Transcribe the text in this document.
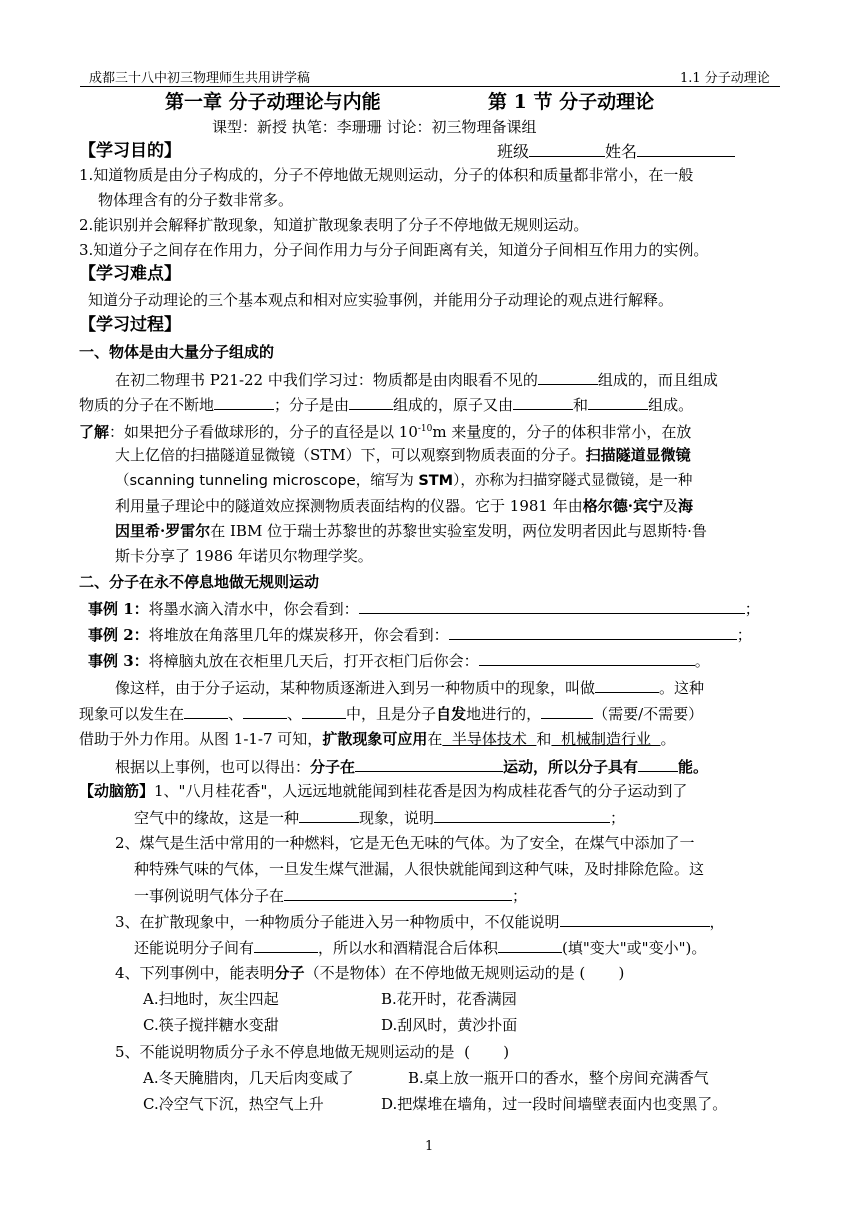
成都三十八中初三物理师生共用讲学稿	1.1 分子动理论
第一章 分子动理论与内能	第 1 节 分子动理论
课型：新授 执笔：李珊珊 讨论：初三物理备课组
【学习目的】	班级	姓名
1.知道物质是由分子构成的，分子不停地做无规则运动，分子的体积和质量都非常小，在一般
物体理含有的分子数非常多。
2.能识别并会解释扩散现象，知道扩散现象表明了分子不停地做无规则运动。
3.知道分子之间存在作用力，分子间作用力与分子间距离有关，知道分子间相互作用力的实例。
【学习难点】
知道分子动理论的三个基本观点和相对应实验事例，并能用分子动理论的观点进行解释。
【学习过程】
一、物体是由大量分子组成的
在初二物理书 P21-22 中我们学习过：物质都是由肉眼看不见的	组成的，而且组成
物质的分子在不断地	；分子是由	组成的，原子又由	和	组成。
了解：如果把分子看做球形的，分子的直径是以 $10^{-10}m$ 来量度的，分子的体积非常小，在放
大上亿倍的扫描隧道显微镜（STM）下，可以观察到物质表面的分子。扫描隧道显微镜
（scanning tunneling microscope，缩写为 STM），亦称为扫描穿隧式显微镜，是一种
利用量子理论中的隧道效应探测物质表面结构的仪器。它于 1981 年由格尔德·宾宁及海
因里希·罗雷尔在 IBM 位于瑞士苏黎世的苏黎世实验室发明，两位发明者因此与恩斯特·鲁
斯卡分享了 1986 年诺贝尔物理学奖。
二、分子在永不停息地做无规则运动
事例 1：将墨水滴入清水中，你会看到：	；
事例 2：将堆放在角落里几年的煤炭移开，你会看到：	；
事例 3：将樟脑丸放在衣柜里几天后，打开衣柜门后你会：	。
像这样，由于分子运动，某种物质逐渐进入到另一种物质中的现象，叫做	。这种
现象可以发生在	、	、	中，且是分子自发地进行的，	（需要/不需要）
借助于外力作用。从图 1-1-7 可知，扩散现象可应用在  半导体技术  和  机械制造行业  。
根据以上事例，也可以得出：分子在	运动，所以分子具有	能。
【动脑筋】1、"八月桂花香"，人远远地就能闻到桂花香是因为构成桂花香气的分子运动到了
空气中的缘故，这是一种	现象，说明	；
2、煤气是生活中常用的一种燃料，它是无色无味的气体。为了安全，在煤气中添加了一
种特殊气味的气体，一旦发生煤气泄漏，人很快就能闻到这种气味，及时排除危险。这
一事例说明气体分子在	；
3、在扩散现象中，一种物质分子能进入另一种物质中，不仅能说明	，
还能说明分子间有	，所以水和酒精混合后体积	(填"变大"或"变小")。
4、下列事例中，能表明分子（不是物体）在不停地做无规则运动的是 (       )
A.扫地时，灰尘四起	B.花开时，花香满园
C.筷子搅拌糖水变甜	D.刮风时，黄沙扑面
5、不能说明物质分子永不停息地做无规则运动的是  (       )
A.冬天腌腊肉，几天后肉变咸了	B.桌上放一瓶开口的香水，整个房间充满香气
C.冷空气下沉，热空气上升	D.把煤堆在墙角，过一段时间墙壁表面内也变黑了。
1
